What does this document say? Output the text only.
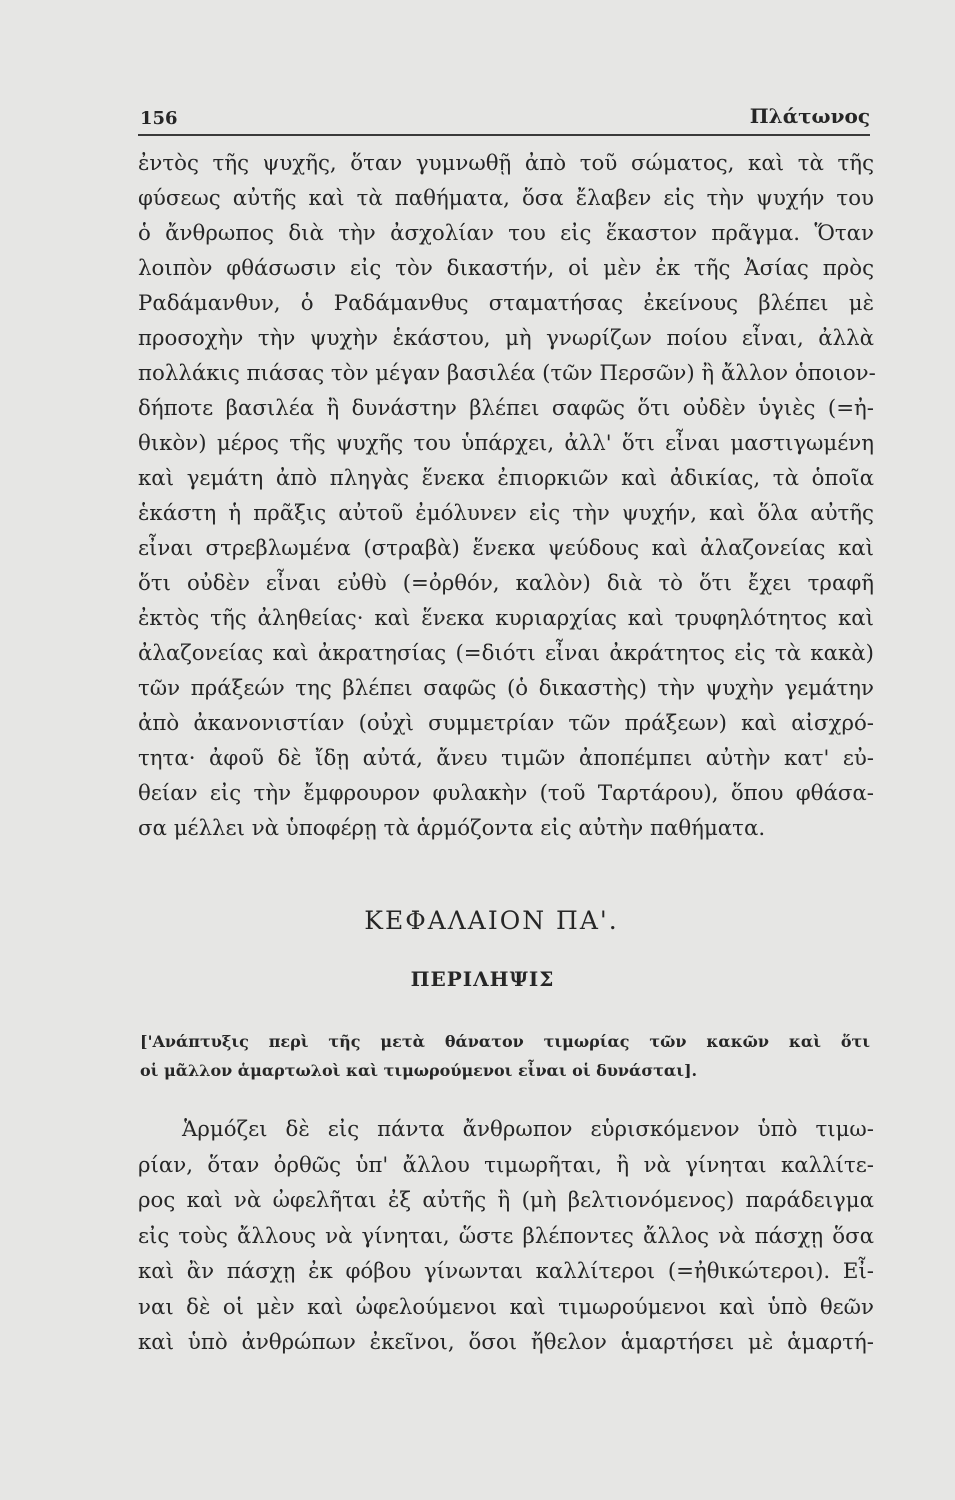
156	Πλάτωνος
ἐντὸς τῆς ψυχῆς, ὅταν γυμνωθῇ ἀπὸ τοῦ σώματος, καὶ τὰ τῆς
φύσεως αὐτῆς καὶ τὰ παθήματα, ὅσα ἔλαβεν εἰς τὴν ψυχήν του
ὁ ἄνθρωπος διὰ τὴν ἀσχολίαν του εἰς ἕκαστον πρᾶγμα. Ὅταν
λοιπὸν φθάσωσιν εἰς τὸν δικαστήν, οἱ μὲν ἐκ τῆς Ἀσίας πρὸς
Ραδάμανθυν, ὁ Ραδάμανθυς σταματήσας ἐκείνους βλέπει μὲ
προσοχὴν τὴν ψυχὴν ἑκάστου, μὴ γνωρίζων ποίου εἶναι, ἀλλὰ
πολλάκις πιάσας τὸν μέγαν βασιλέα (τῶν Περσῶν) ἢ ἄλλον ὁποιον-
δήποτε βασιλέα ἢ δυνάστην βλέπει σαφῶς ὅτι οὐδὲν ὑγιὲς (=ἠ-
θικὸν) μέρος τῆς ψυχῆς του ὑπάρχει, ἀλλ' ὅτι εἶναι μαστιγωμένη
καὶ γεμάτη ἀπὸ πληγὰς ἕνεκα ἐπιορκιῶν καὶ ἀδικίας, τὰ ὁποῖα
ἑκάστη ἡ πρᾶξις αὐτοῦ ἐμόλυνεν εἰς τὴν ψυχήν, καὶ ὅλα αὐτῆς
εἶναι στρεβλωμένα (στραβὰ) ἕνεκα ψεύδους καὶ ἀλαζονείας καὶ
ὅτι οὐδὲν εἶναι εὐθὺ (=ὀρθόν, καλὸν) διὰ τὸ ὅτι ἔχει τραφῆ
ἐκτὸς τῆς ἀληθείας· καὶ ἕνεκα κυριαρχίας καὶ τρυφηλότητος καὶ
ἀλαζονείας καὶ ἀκρατησίας (=διότι εἶναι ἀκράτητος εἰς τὰ κακὰ)
τῶν πράξεών της βλέπει σαφῶς (ὁ δικαστὴς) τὴν ψυχὴν γεμάτην
ἀπὸ ἀκανονιστίαν (οὐχὶ συμμετρίαν τῶν πράξεων) καὶ αἰσχρό-
τητα· ἀφοῦ δὲ ἴδῃ αὐτά, ἄνευ τιμῶν ἀποπέμπει αὐτὴν κατ' εὐ-
θείαν εἰς τὴν ἔμφρουρον φυλακὴν (τοῦ Ταρτάρου), ὅπου φθάσα-
σα μέλλει νὰ ὑποφέρῃ τὰ ἁρμόζοντα εἰς αὐτὴν παθήματα.
ΚΕΦΑΛΑΙΟΝ ΠΑ'.
ΠΕΡΙΛΗΨΙΣ
['Ανάπτυξις περὶ τῆς μετὰ θάνατον τιμωρίας τῶν κακῶν καὶ ὅτι
οἱ μᾶλλον ἁμαρτωλοὶ καὶ τιμωρούμενοι εἶναι οἱ δυνάσται].
Ἁρμόζει δὲ εἰς πάντα ἄνθρωπον εὑρισκόμενον ὑπὸ τιμω-
ρίαν, ὅταν ὀρθῶς ὑπ' ἄλλου τιμωρῆται, ἢ νὰ γίνηται καλλίτε-
ρος καὶ νὰ ὠφελῆται ἐξ αὐτῆς ἢ (μὴ βελτιονόμενος) παράδειγμα
εἰς τοὺς ἄλλους νὰ γίνηται, ὥστε βλέποντες ἄλλος νὰ πάσχῃ ὅσα
καὶ ἂν πάσχῃ ἐκ φόβου γίνωνται καλλίτεροι (=ἠθικώτεροι). Εἶ-
ναι δὲ οἱ μὲν καὶ ὠφελούμενοι καὶ τιμωρούμενοι καὶ ὑπὸ θεῶν
καὶ ὑπὸ ἀνθρώπων ἐκεῖνοι, ὅσοι ἤθελον ἁμαρτήσει μὲ ἁμαρτή-
